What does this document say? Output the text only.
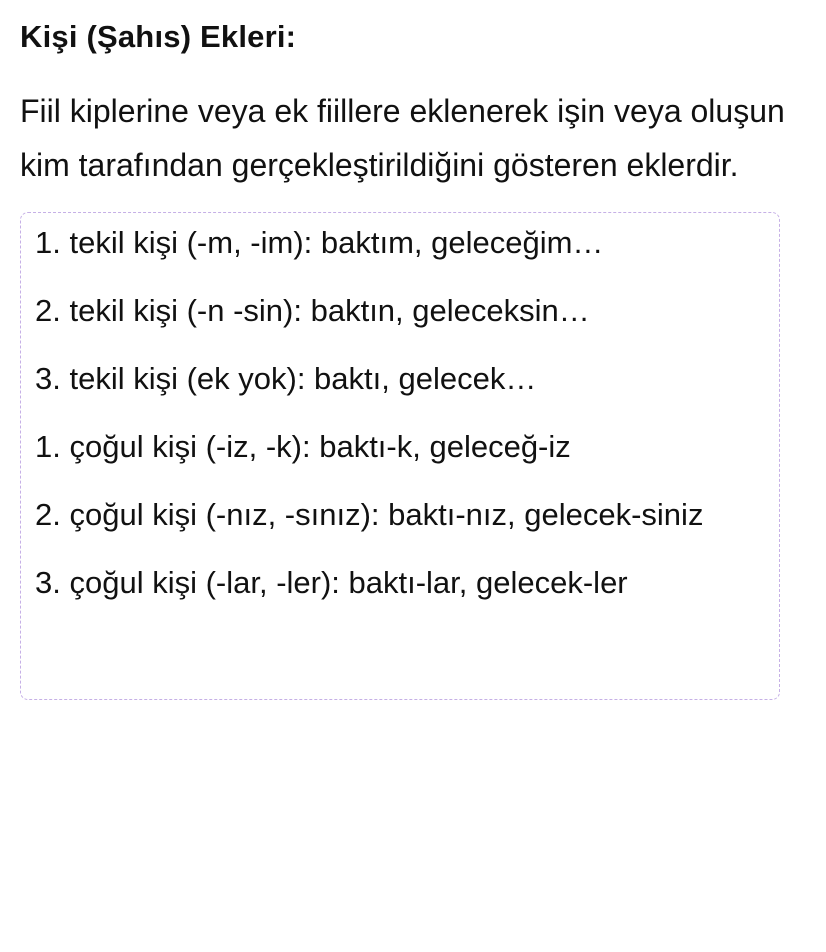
Kişi (Şahıs) Ekleri:

Fiil kiplerine veya ek fiillere eklenerek işin veya oluşun kim tarafından gerçekleştirildiğini gösteren eklerdir.

1. tekil kişi (-m, -im): baktım, geleceğim…
2. tekil kişi (-n -sin): baktın, geleceksin…
3. tekil kişi (ek yok): baktı, gelecek…
1. çoğul kişi (-iz, -k): baktı-k, geleceğ-iz
2. çoğul kişi (-nız, -sınız): baktı-nız, gelecek-siniz
3. çoğul kişi (-lar, -ler): baktı-lar, gelecek-ler
